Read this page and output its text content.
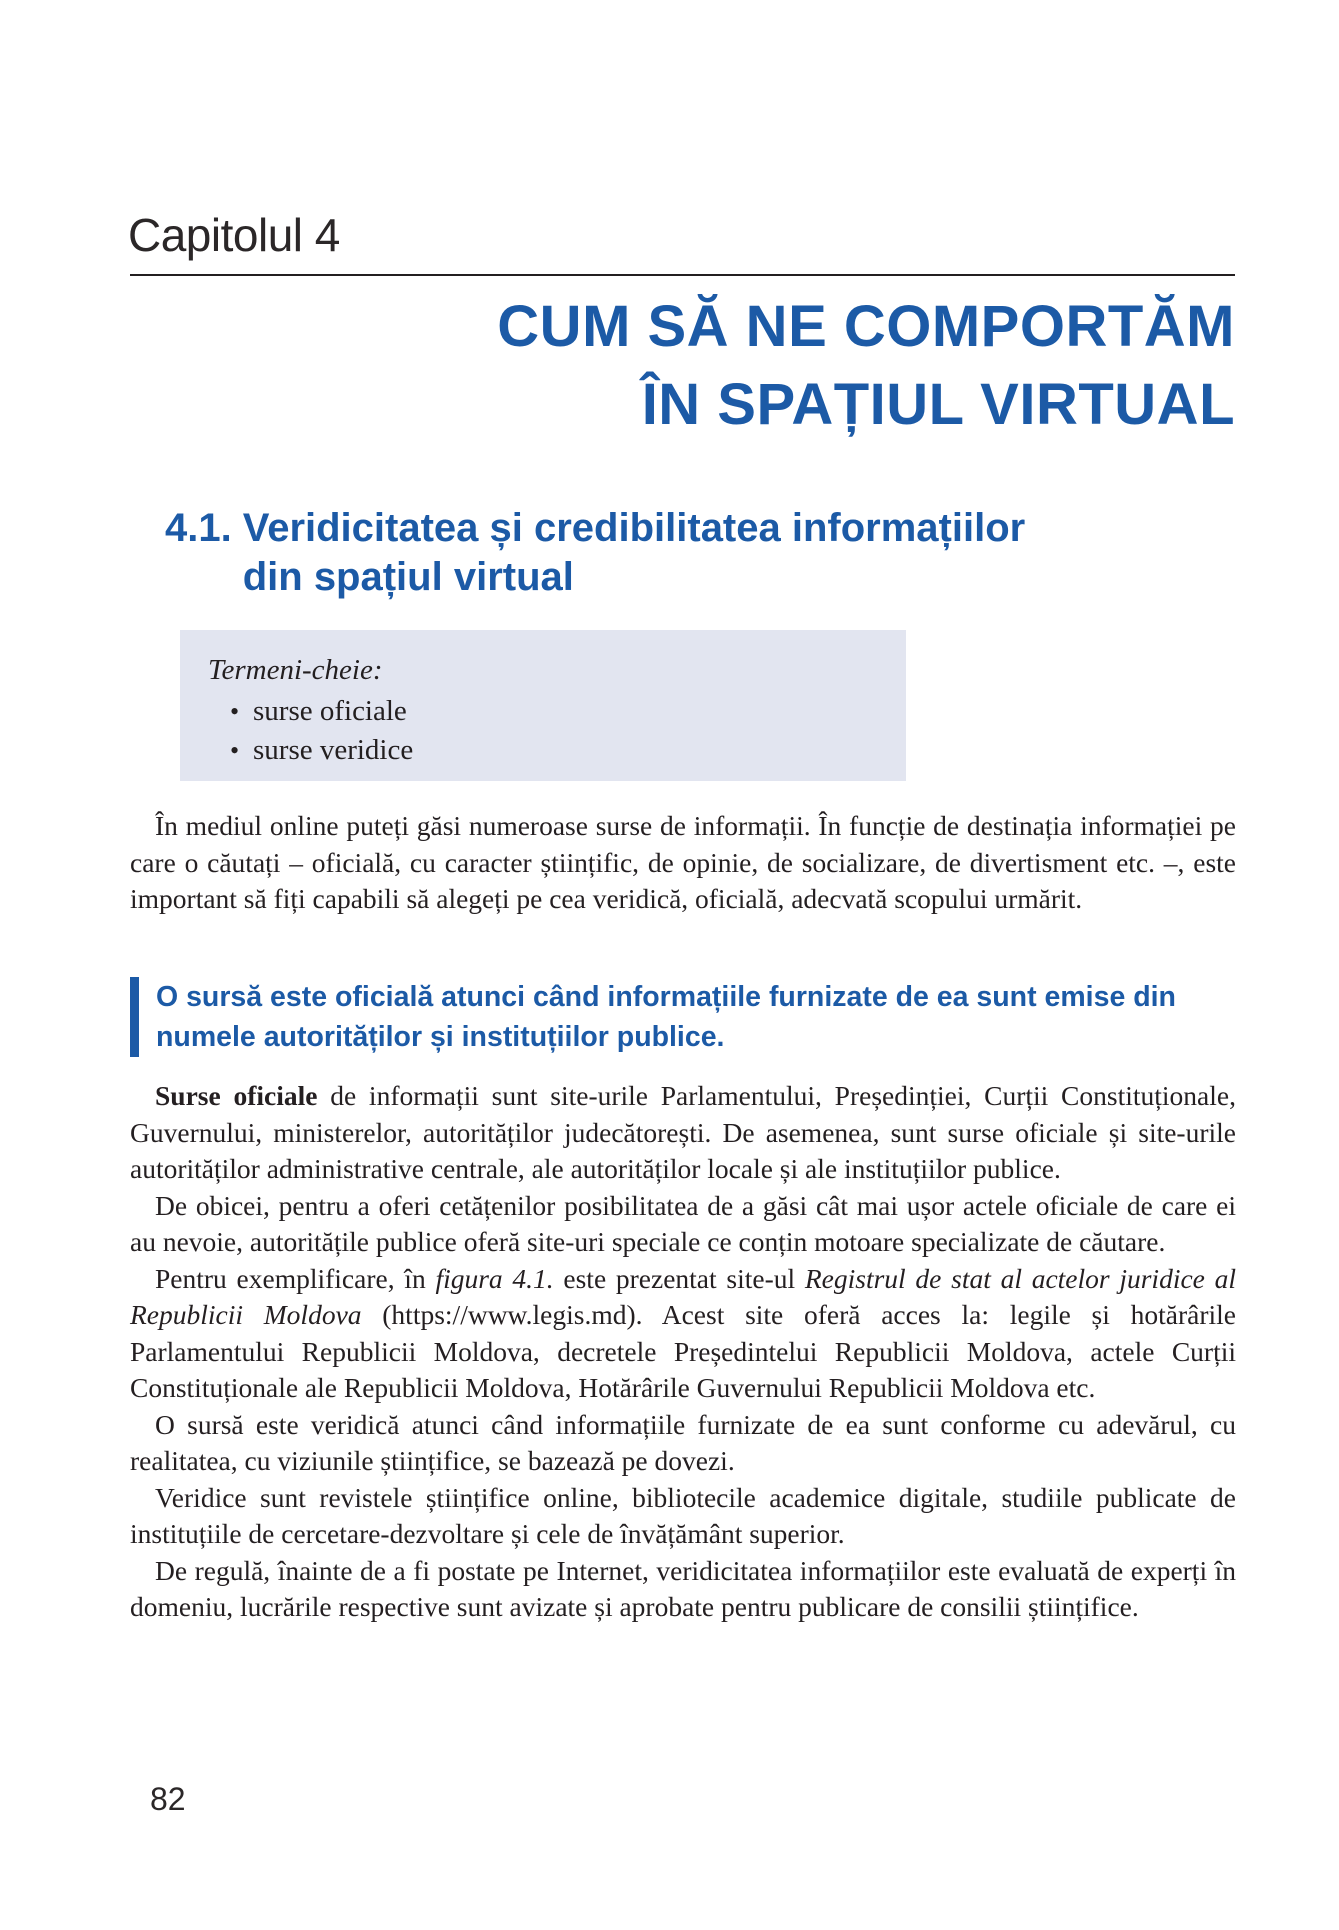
Capitolul 4
CUM SĂ NE COMPORTĂM
ÎN SPAȚIUL VIRTUAL
4.1. Veridicitatea și credibilitatea informațiilor
din spațiul virtual
Termeni-cheie:
• surse oficiale
• surse veridice

În mediul online puteți găsi numeroase surse de informații. În funcție de destinația informației pe care o căutați – oficială, cu caracter științific, de opinie, de socializare, de divertisment etc. –, este important să fiți capabili să alegeți pe cea veridică, oficială, adecvată scopului urmărit.

O sursă este oficială atunci când informațiile furnizate de ea sunt emise din numele autorităților și instituțiilor publice.

Surse oficiale de informații sunt site-urile Parlamentului, Președinției, Curții Constituționale, Guvernului, ministerelor, autorităților judecătorești. De asemenea, sunt surse oficiale și site-urile autorităților administrative centrale, ale autorităților locale și ale instituțiilor publice.

De obicei, pentru a oferi cetățenilor posibilitatea de a găsi cât mai ușor actele oficiale de care ei au nevoie, autoritățile publice oferă site-uri speciale ce conțin motoare specializate de căutare.

Pentru exemplificare, în figura 4.1. este prezentat site-ul Registrul de stat al actelor juridice al Republicii Moldova (https://www.legis.md). Acest site oferă acces la: legile și hotărârile Parlamentului Republicii Moldova, decretele Președintelui Republicii Moldova, actele Curții Constituționale ale Republicii Moldova, Hotărârile Guvernului Republicii Moldova etc.

O sursă este veridică atunci când informațiile furnizate de ea sunt conforme cu adevărul, cu realitatea, cu viziunile științifice, se bazează pe dovezi.

Veridice sunt revistele științifice online, bibliotecile academice digitale, studiile publicate de instituțiile de cercetare-dezvoltare și cele de învățământ superior.

De regulă, înainte de a fi postate pe Internet, veridicitatea informațiilor este evaluată de experți în domeniu, lucrările respective sunt avizate și aprobate pentru publicare de consilii științifice.

82
